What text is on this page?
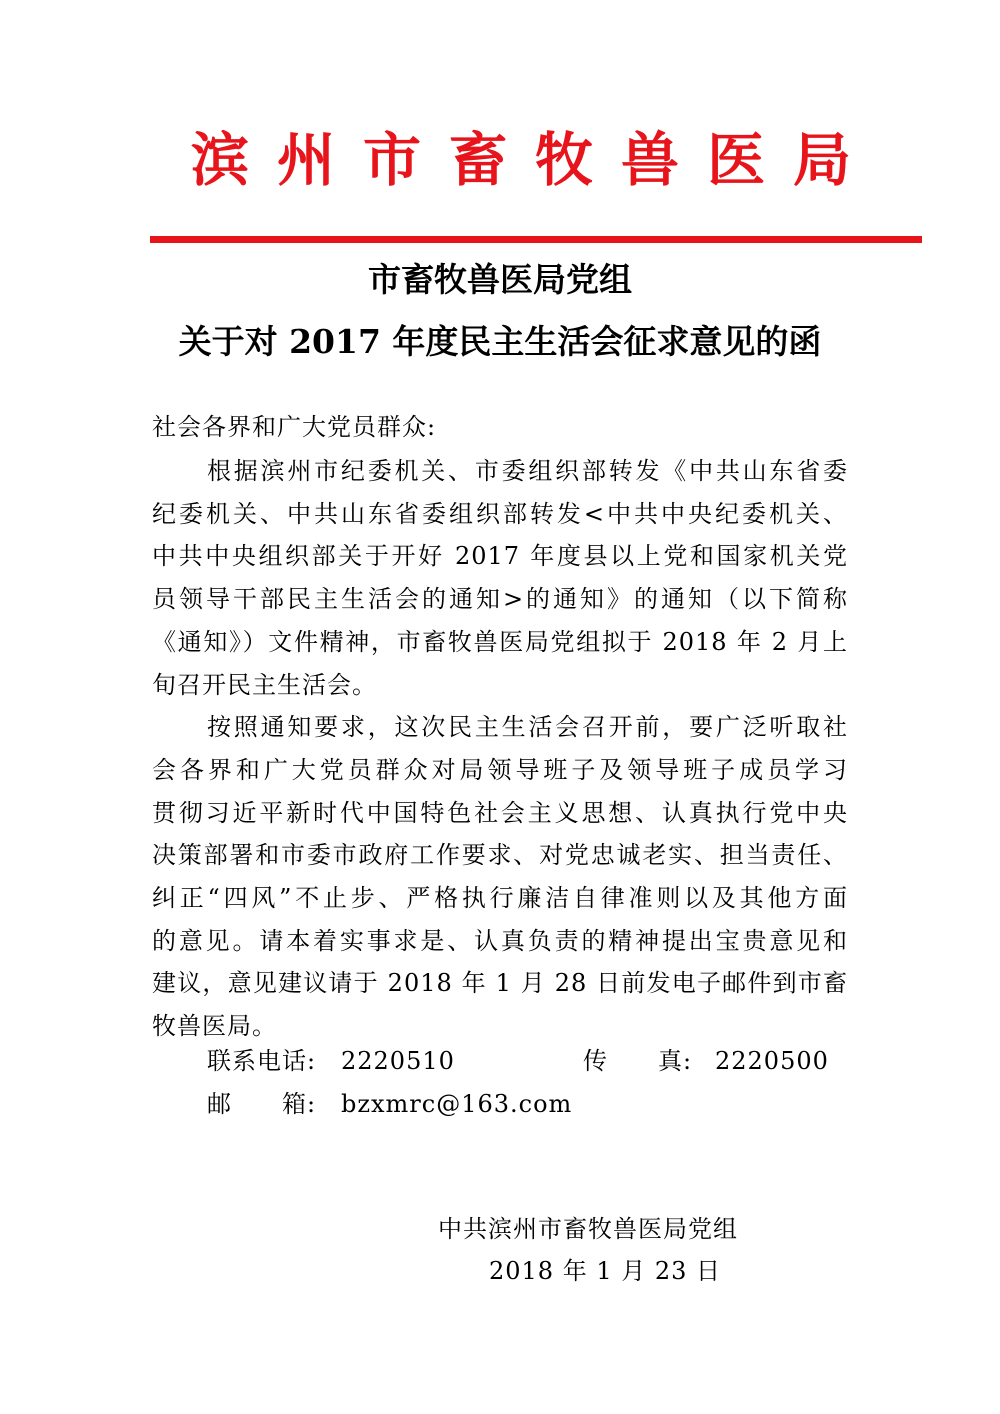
滨州市畜牧兽医局
市畜牧兽医局党组
关于对 2017 年度民主生活会征求意见的函
社会各界和广大党员群众:
根据滨州市纪委机关、市委组织部转发《中共山东省委
纪委机关、中共山东省委组织部转发<中共中央纪委机关、
中共中央组织部关于开好 2017 年度县以上党和国家机关党
员领导干部民主生活会的通知>的通知》的通知（以下简称
《通知》）文件精神，市畜牧兽医局党组拟于 2018 年 2 月上
旬召开民主生活会。
按照通知要求，这次民主生活会召开前，要广泛听取社
会各界和广大党员群众对局领导班子及领导班子成员学习
贯彻习近平新时代中国特色社会主义思想、认真执行党中央
决策部署和市委市政府工作要求、对党忠诚老实、担当责任、
纠正“四风”不止步、严格执行廉洁自律准则以及其他方面
的意见。请本着实事求是、认真负责的精神提出宝贵意见和
建议，意见建议请于 2018 年 1 月 28 日前发电子邮件到市畜
牧兽医局。
联系电话: 2220510	传　　真: 2220500
邮　　箱: bzxmrc@163.com
中共滨州市畜牧兽医局党组
2018 年 1 月 23 日
